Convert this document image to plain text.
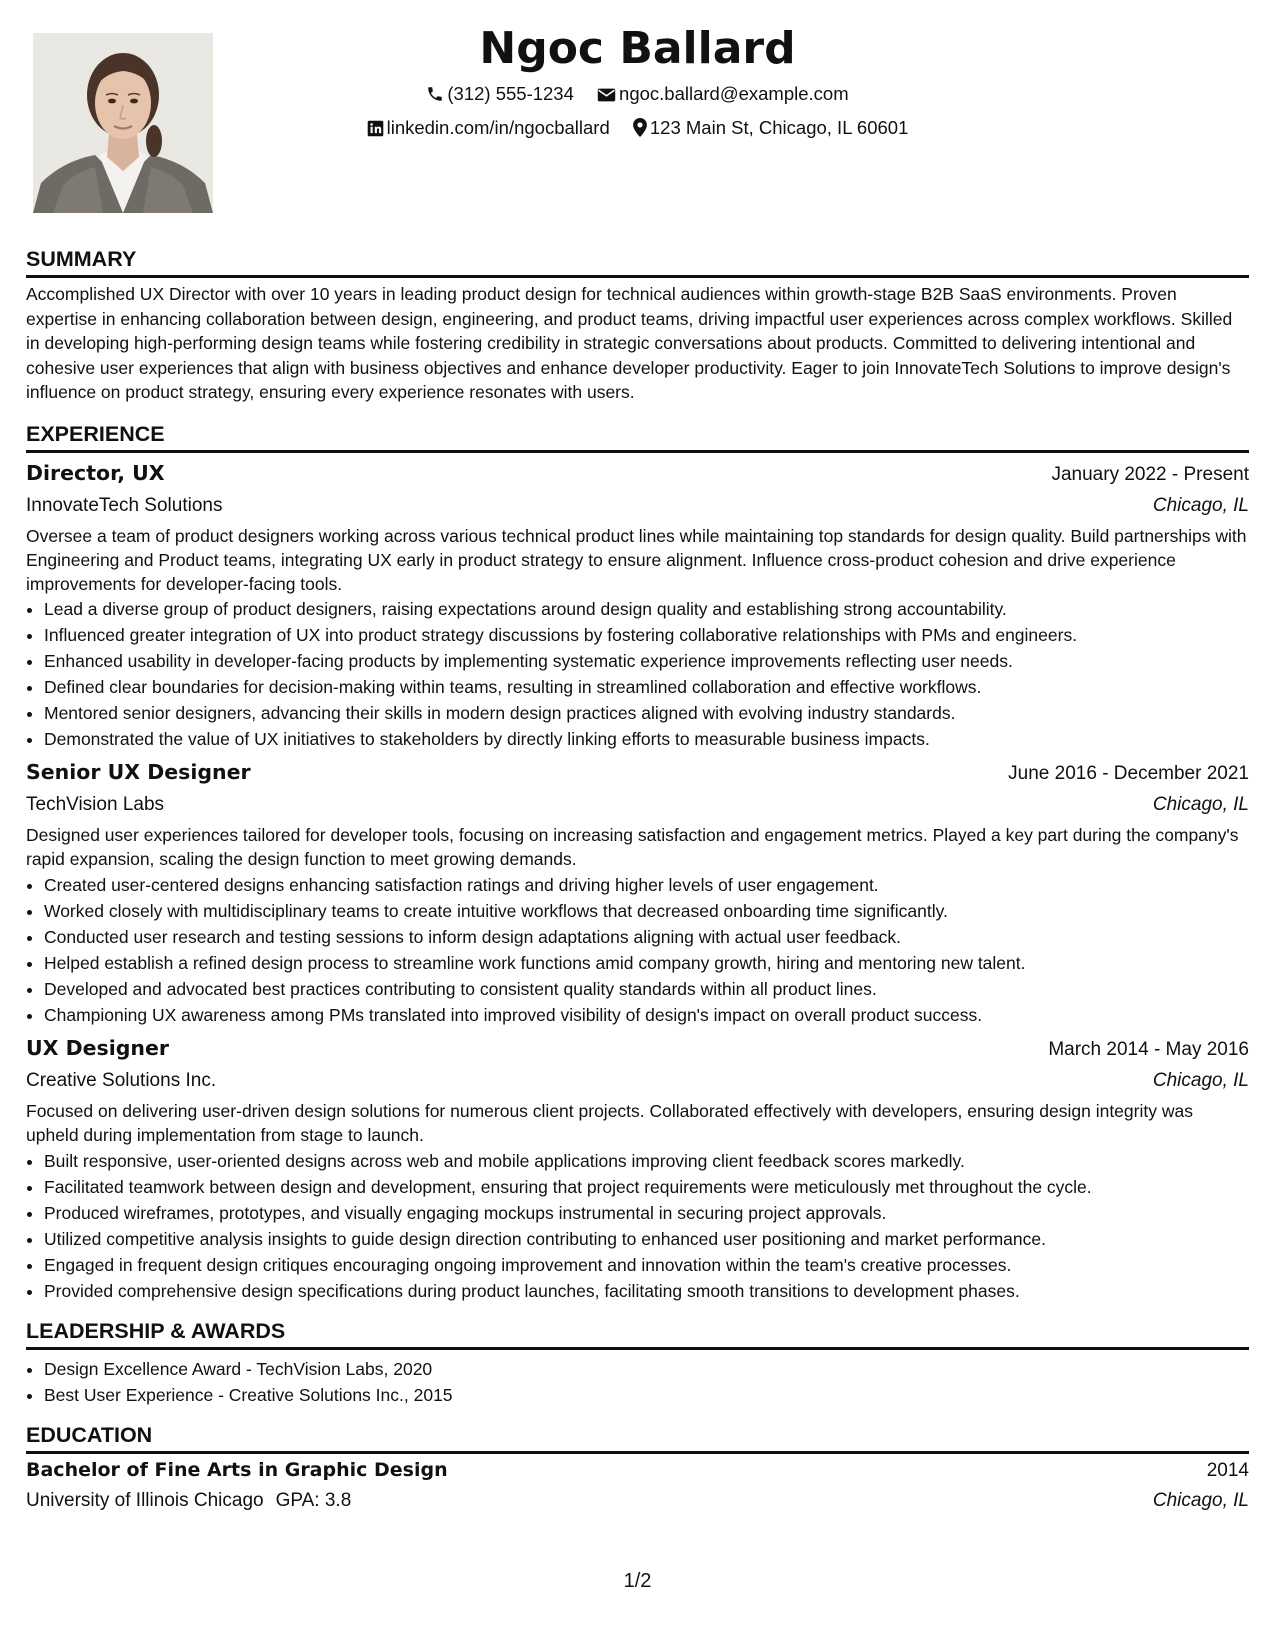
Ngoc Ballard
(312) 555-1234 ngoc.ballard@example.com
linkedin.com/in/ngocballard 123 Main St, Chicago, IL 60601
SUMMARY

Accomplished UX Director with over 10 years in leading product design for technical audiences within growth-stage B2B SaaS environments. Proven expertise in enhancing collaboration between design, engineering, and product teams, driving impactful user experiences across complex workflows. Skilled in developing high-performing design teams while fostering credibility in strategic conversations about products. Committed to delivering intentional and cohesive user experiences that align with business objectives and enhance developer productivity. Eager to join InnovateTech Solutions to improve design's influence on product strategy, ensuring every experience resonates with users.

EXPERIENCE
Director, UX	January 2022 - Present
InnovateTech Solutions	Chicago, IL

Oversee a team of product designers working across various technical product lines while maintaining top standards for design quality. Build partnerships with Engineering and Product teams, integrating UX early in product strategy to ensure alignment. Influence cross-product cohesion and drive experience improvements for developer-facing tools.

• Lead a diverse group of product designers, raising expectations around design quality and establishing strong accountability.
• Influenced greater integration of UX into product strategy discussions by fostering collaborative relationships with PMs and engineers.
• Enhanced usability in developer-facing products by implementing systematic experience improvements reflecting user needs.
• Defined clear boundaries for decision-making within teams, resulting in streamlined collaboration and effective workflows.
• Mentored senior designers, advancing their skills in modern design practices aligned with evolving industry standards.
• Demonstrated the value of UX initiatives to stakeholders by directly linking efforts to measurable business impacts.
Senior UX Designer	June 2016 - December 2021
TechVision Labs	Chicago, IL

Designed user experiences tailored for developer tools, focusing on increasing satisfaction and engagement metrics. Played a key part during the company's rapid expansion, scaling the design function to meet growing demands.

• Created user-centered designs enhancing satisfaction ratings and driving higher levels of user engagement.
• Worked closely with multidisciplinary teams to create intuitive workflows that decreased onboarding time significantly.
• Conducted user research and testing sessions to inform design adaptations aligning with actual user feedback.
• Helped establish a refined design process to streamline work functions amid company growth, hiring and mentoring new talent.
• Developed and advocated best practices contributing to consistent quality standards within all product lines.
• Championing UX awareness among PMs translated into improved visibility of design's impact on overall product success.
UX Designer	March 2014 - May 2016
Creative Solutions Inc.	Chicago, IL

Focused on delivering user-driven design solutions for numerous client projects. Collaborated effectively with developers, ensuring design integrity was upheld during implementation from stage to launch.

• Built responsive, user-oriented designs across web and mobile applications improving client feedback scores markedly.
• Facilitated teamwork between design and development, ensuring that project requirements were meticulously met throughout the cycle.
• Produced wireframes, prototypes, and visually engaging mockups instrumental in securing project approvals.
• Utilized competitive analysis insights to guide design direction contributing to enhanced user positioning and market performance.
• Engaged in frequent design critiques encouraging ongoing improvement and innovation within the team's creative processes.
• Provided comprehensive design specifications during product launches, facilitating smooth transitions to development phases.
LEADERSHIP & AWARDS
• Design Excellence Award - TechVision Labs, 2020
• Best User Experience - Creative Solutions Inc., 2015
EDUCATION
Bachelor of Fine Arts in Graphic Design	2014
University of Illinois Chicago GPA: 3.8	Chicago, IL
1/2
